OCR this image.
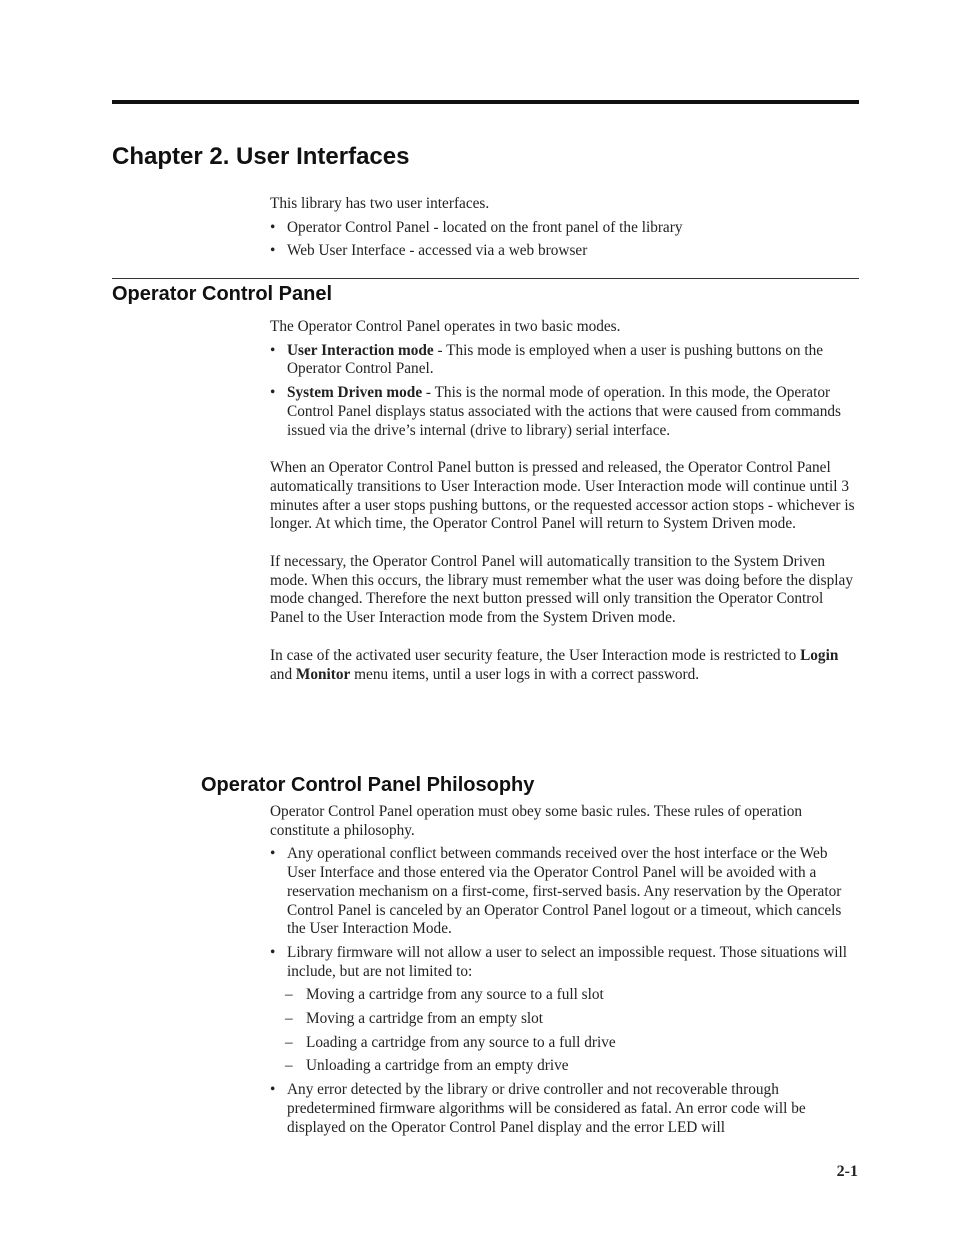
Chapter 2. User Interfaces

This library has two user interfaces.

• Operator Control Panel - located on the front panel of the library
• Web User Interface - accessed via a web browser
Operator Control Panel

The Operator Control Panel operates in two basic modes.

• User Interaction mode - This mode is employed when a user is pushing buttons on the Operator Control Panel.
• System Driven mode - This is the normal mode of operation. In this mode, the Operator Control Panel displays status associated with the actions that were caused from commands issued via the drive’s internal (drive to library) serial interface.

When an Operator Control Panel button is pressed and released, the Operator Control Panel automatically transitions to User Interaction mode. User Interaction mode will continue until 3 minutes after a user stops pushing buttons, or the requested accessor action stops - whichever is longer. At which time, the Operator Control Panel will return to System Driven mode.

If necessary, the Operator Control Panel will automatically transition to the System Driven mode. When this occurs, the library must remember what the user was doing before the display mode changed. Therefore the next button pressed will only transition the Operator Control Panel to the User Interaction mode from the System Driven mode.

In case of the activated user security feature, the User Interaction mode is restricted to Login and Monitor menu items, until a user logs in with a correct password.

Operator Control Panel Philosophy

Operator Control Panel operation must obey some basic rules. These rules of operation constitute a philosophy.

• Any operational conflict between commands received over the host interface or the Web User Interface and those entered via the Operator Control Panel will be avoided with a reservation mechanism on a first-come, first-served basis. Any reservation by the Operator Control Panel is canceled by an Operator Control Panel logout or a timeout, which cancels the User Interaction Mode.
• Library firmware will not allow a user to select an impossible request. Those situations will include, but are not limited to:
– Moving a cartridge from any source to a full slot
– Moving a cartridge from an empty slot
– Loading a cartridge from any source to a full drive
– Unloading a cartridge from an empty drive
• Any error detected by the library or drive controller and not recoverable through predetermined firmware algorithms will be considered as fatal. An error code will be displayed on the Operator Control Panel display and the error LED will
2-1
